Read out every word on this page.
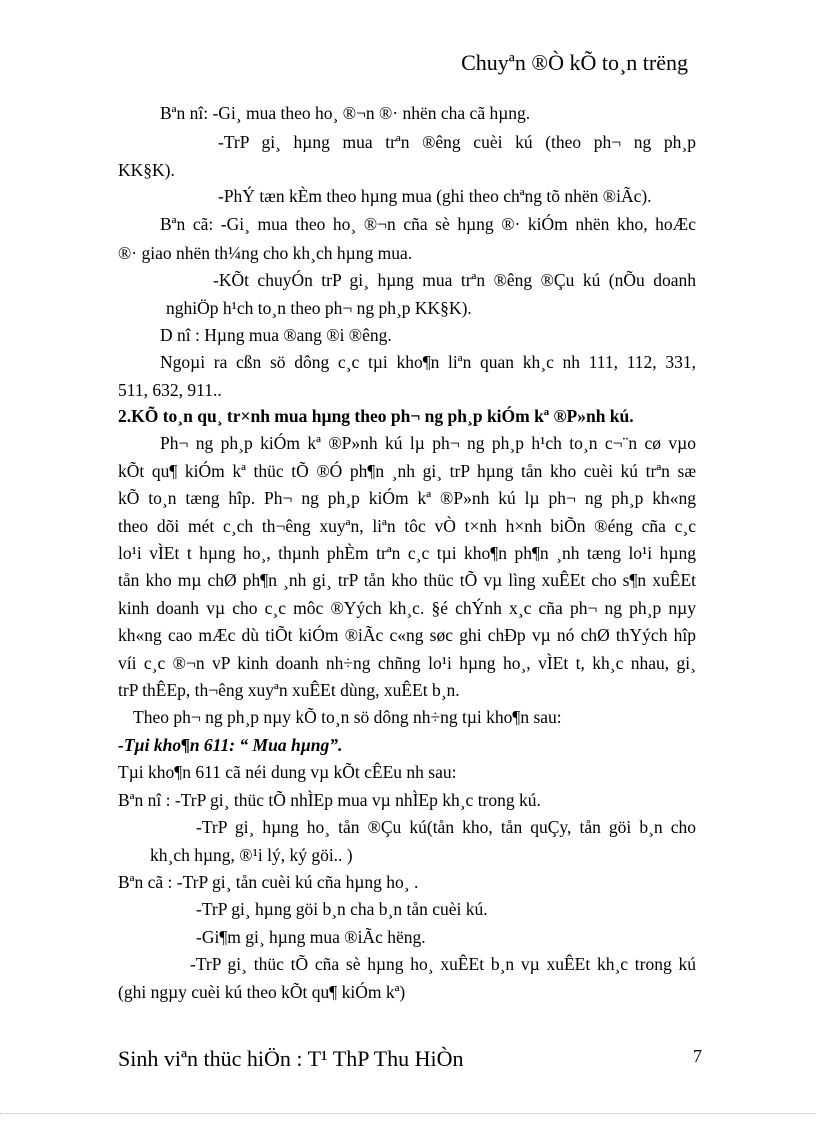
Chuyªn ®Ò kÕ to¸n trëng
Bªn nî: -Gi¸ mua theo ho¸ ®¬n ®· nhën cha cã hµng.
-TrP gi¸ hµng mua trªn ®êng cuèi kú (theo ph¬ ng ph¸p
KK§K).
-PhÝ tæn kÈm theo hµng mua (ghi theo chªng tõ nhën ®iÃc).
Bªn cã: -Gi¸ mua theo ho¸ ®¬n cña sè hµng ®· kiÓm nhën kho, hoÆc
®· giao nhën th¼ng cho kh¸ch hµng mua.
-KÕt chuyÓn trP gi¸ hµng mua trªn ®êng ®Çu kú (nÕu doanh
nghiÖp h¹ch to¸n theo ph¬ ng ph¸p KK§K).
D nî : Hµng mua ®ang ®i ®êng.
Ngoµi ra cßn sö dông c¸c tµi kho¶n liªn quan kh¸c nh 111, 112, 331,
511, 632, 911..
2.KÕ to¸n qu¸ tr×nh mua hµng theo ph¬ ng ph¸p kiÓm kª ®P»nh kú.
Ph¬ ng ph¸p kiÓm kª ®P»nh kú lµ ph¬ ng ph¸p h¹ch to¸n c¬¨n cø vµo
kÕt qu¶ kiÓm kª thüc tÕ ®Ó ph¶n ¸nh gi¸ trP hµng tån kho cuèi kú trªn sæ
kÕ to¸n tæng hîp. Ph¬ ng ph¸p kiÓm kª ®P»nh kú lµ ph¬ ng ph¸p kh«ng
theo dõi mét c¸ch th¬êng xuyªn, liªn tôc vÒ t×nh h×nh biÕn ®éng cña c¸c
lo¹i vÌEt t hµng ho¸, thµnh phÈm trªn c¸c tµi kho¶n ph¶n ¸nh tæng lo¹i hµng
tån kho mµ chØ ph¶n ¸nh gi¸ trP tån kho thüc tÕ vµ lìng xuÊEt cho s¶n xuÊEt
kinh doanh vµ cho c¸c môc ®Yých kh¸c. §é chÝnh x¸c cña ph¬ ng ph¸p nµy
kh«ng cao mÆc dù tiÕt kiÓm ®iÃc c«ng søc ghi chÐp vµ nó chØ thYých hîp
víi c¸c ®¬n vP kinh doanh nh÷ng chñng lo¹i hµng ho¸, vÌEt t, kh¸c nhau, gi¸
trP thÊEp, th¬êng xuyªn xuÊEt dùng, xuÊEt b¸n.
Theo ph¬ ng ph¸p nµy kÕ to¸n sö dông nh÷ng tµi kho¶n sau:
-Tµi kho¶n 611: “ Mua hµng”.
Tµi kho¶n 611 cã néi dung vµ kÕt cÊEu nh sau:
Bªn nî : -TrP gi¸ thüc tÕ nhÌEp mua vµ nhÌEp kh¸c trong kú.
-TrP gi¸ hµng ho¸ tån ®Çu kú(tån kho, tån quÇy, tån göi b¸n cho
kh¸ch hµng, ®¹i lý, ký göi.. )
Bªn cã : -TrP gi¸ tån cuèi kú cña hµng ho¸ .
-TrP gi¸ hµng göi b¸n cha b¸n tån cuèi kú.
-Gi¶m gi¸ hµng mua ®iÃc hëng.
-TrP gi¸ thüc tÕ cña sè hµng ho¸ xuÊEt b¸n vµ xuÊEt kh¸c trong kú
(ghi ngµy cuèi kú theo kÕt qu¶ kiÓm kª)
Sinh viªn thüc hiÖn : T¹ ThP Thu HiÒn	7
